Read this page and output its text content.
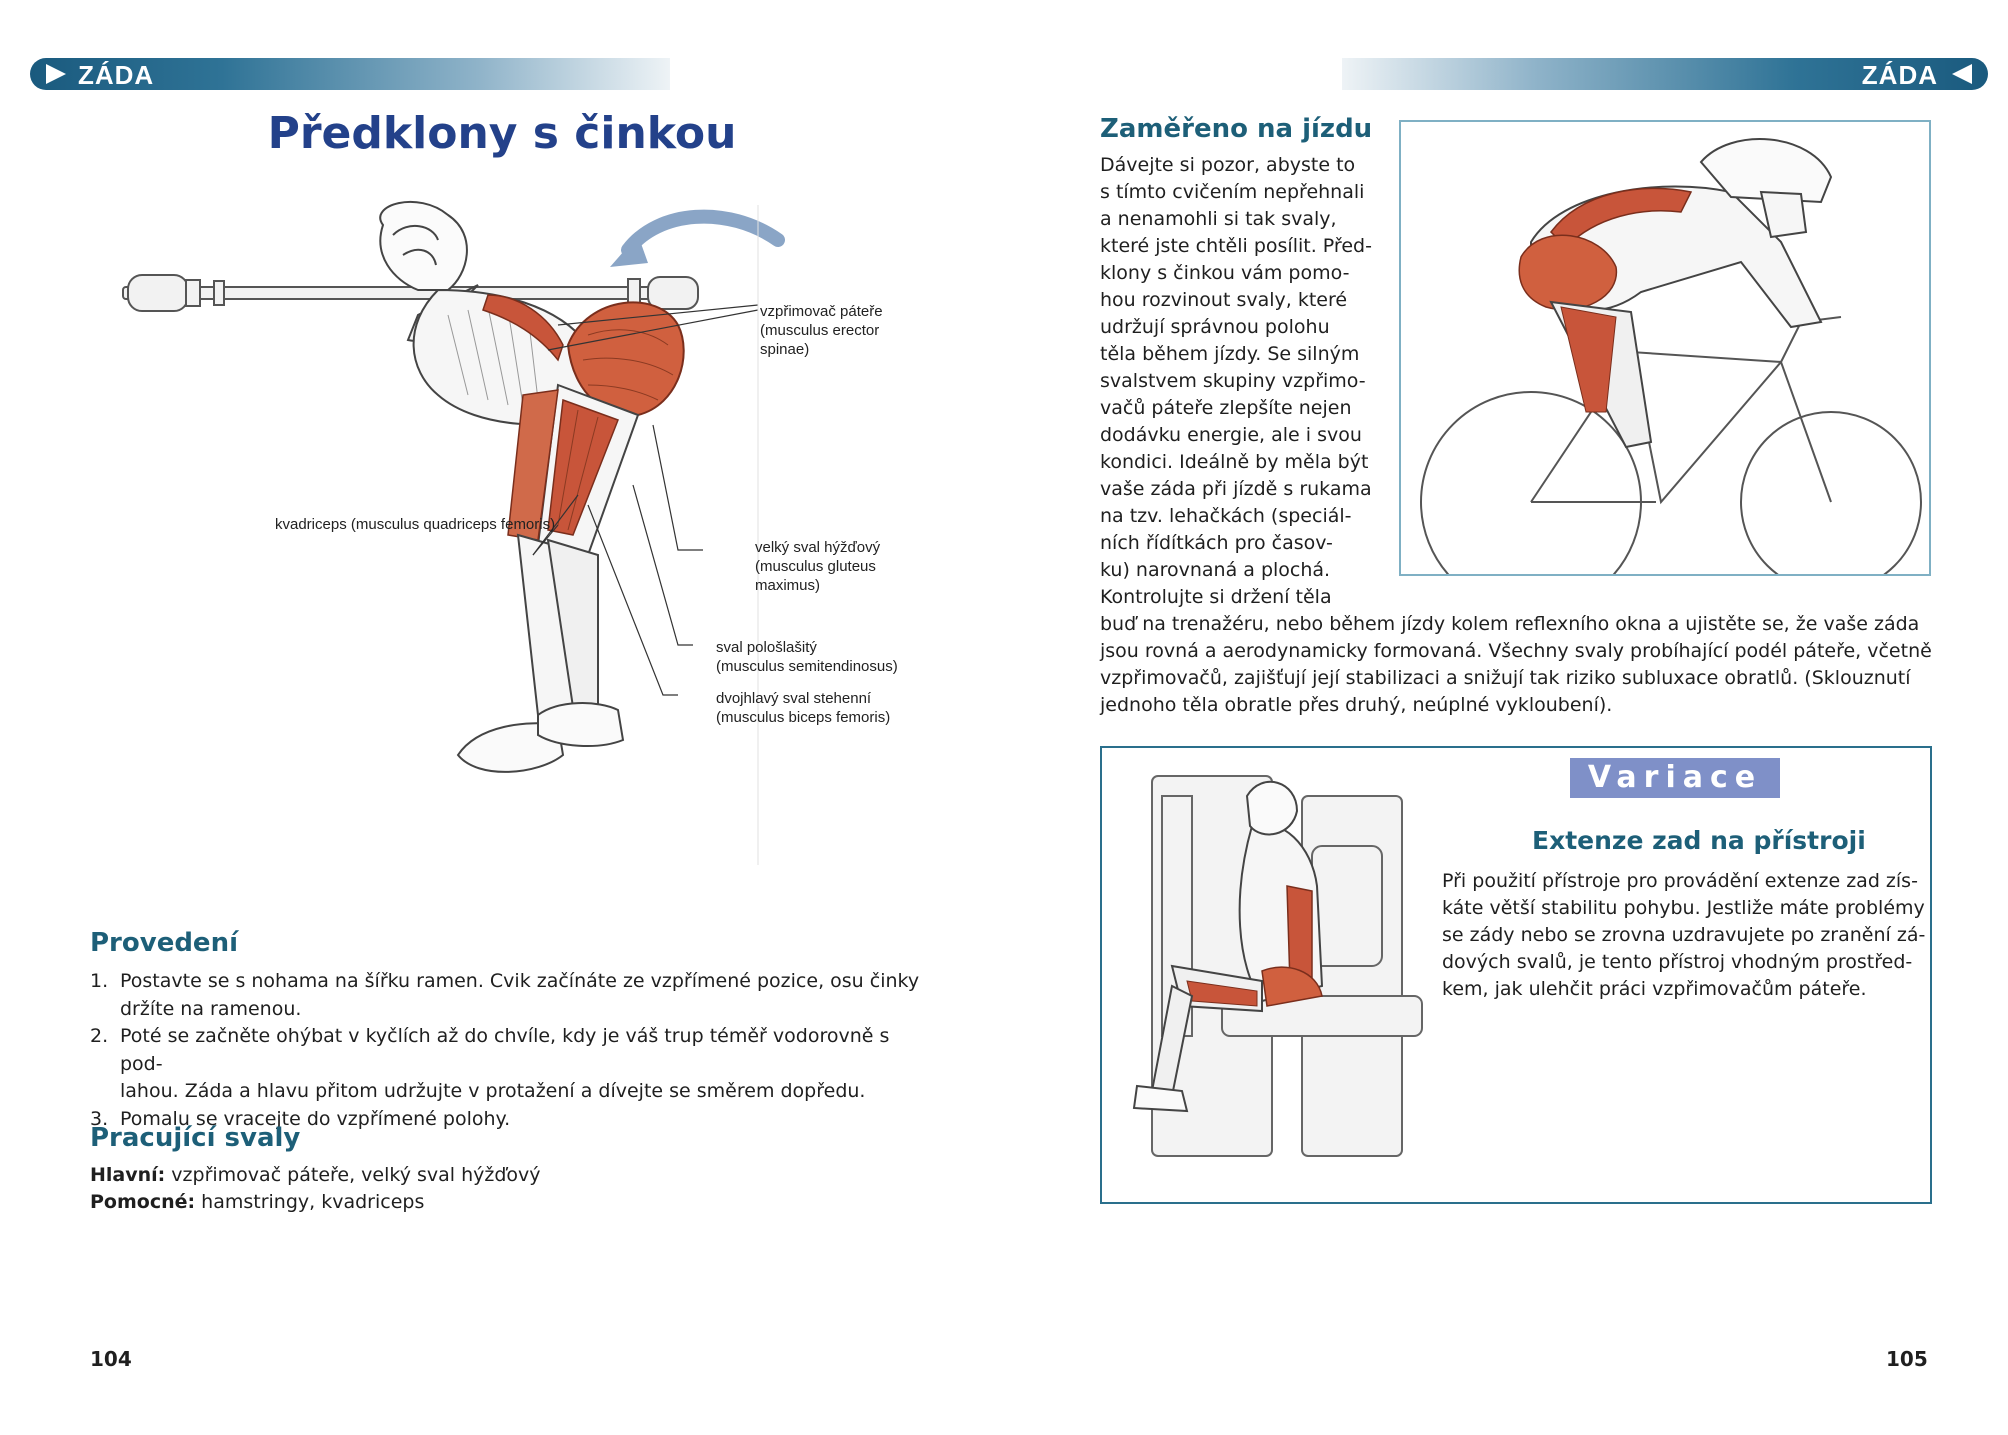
ZÁDA
Předklony s činkou
vzpřimovač páteře
(musculus erector
spinae)
kvadriceps (musculus quadriceps femoris)
velký sval hýžďový
(musculus gluteus
maximus)
sval pološlašitý
(musculus semitendinosus)
dvojhlavý sval stehenní
(musculus biceps femoris)
Provedení
1. Postavte se s nohama na šířku ramen. Cvik začínáte ze vzpřímené pozice, osu činky
držíte na ramenou.
2. Poté se začněte ohýbat v kyčlích až do chvíle, kdy je váš trup téměř vodorovně s pod-
lahou. Záda a hlavu přitom udržujte v protažení a dívejte se směrem dopředu.
3. Pomalu se vracejte do vzpřímené polohy.
Pracující svaly
Hlavní: vzpřimovač páteře, velký sval hýžďový
Pomocné: hamstringy, kvadriceps
104
ZÁDA
Zaměřeno na jízdu
Dávejte si pozor, abyste to
s tímto cvičením nepřehnali
a nenamohli si tak svaly,
které jste chtěli posílit. Před-
klony s činkou vám pomo-
hou rozvinout svaly, které
udržují správnou polohu
těla během jízdy. Se silným
svalstvem skupiny vzpřimo-
vačů páteře zlepšíte nejen
dodávku energie, ale i svou
kondici. Ideálně by měla být
vaše záda při jízdě s rukama
na tzv. lehačkách (speciál-
ních řídítkách pro časov-
ku) narovnaná a plochá.
Kontrolujte si držení těla
buď na trenažéru, nebo během jízdy kolem reflexního okna a ujistěte se, že vaše záda
jsou rovná a aerodynamicky formovaná. Všechny svaly probíhající podél páteře, včetně
vzpřimovačů, zajišťují její stabilizaci a snižují tak riziko subluxace obratlů. (Sklouznutí
jednoho těla obratle přes druhý, neúplné vykloubení).
Variace
Extenze zad na přístroji
Při použití přístroje pro provádění extenze zad zís-
káte větší stabilitu pohybu. Jestliže máte problémy
se zády nebo se zrovna uzdravujete po zranění zá-
dových svalů, je tento přístroj vhodným prostřed-
kem, jak ulehčit práci vzpřimovačům páteře.
105
